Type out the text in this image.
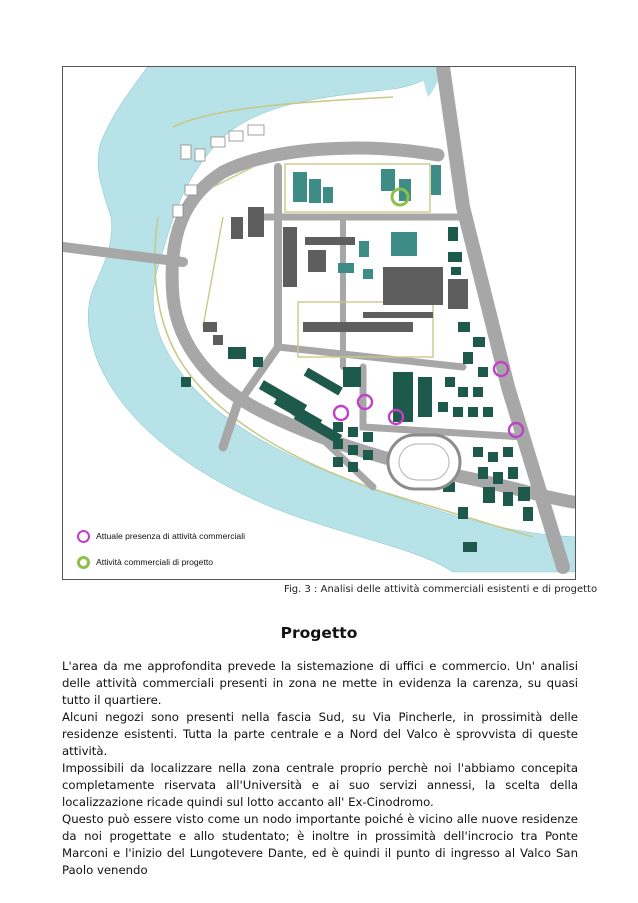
Attuale presenza di attività commerciali
Attività commerciali di progetto
Fig. 3 : Analisi delle attività commerciali esistenti e di progetto
Progetto

L'area da me approfondita prevede la sistemazione di uffici e commercio. Un' analisi delle attività commerciali presenti in zona ne mette in evidenza la carenza, su quasi tutto il quartiere.

Alcuni negozi sono presenti nella fascia Sud, su Via Pincherle, in prossimità delle residenze esistenti. Tutta la parte centrale e a Nord del Valco è sprovvista di queste attività.

Impossibili da localizzare nella zona centrale proprio perchè noi l'abbiamo concepita completamente riservata all'Università e ai suo servizi annessi, la scelta della localizzazione ricade quindi sul lotto accanto all' Ex-Cinodromo.

Questo può essere visto come un nodo importante poiché è vicino alle nuove residenze da noi progettate e allo studentato; è inoltre in prossimità dell'incrocio tra Ponte Marconi e l'inizio del Lungotevere Dante, ed è quindi il punto di ingresso al Valco San Paolo venendo
